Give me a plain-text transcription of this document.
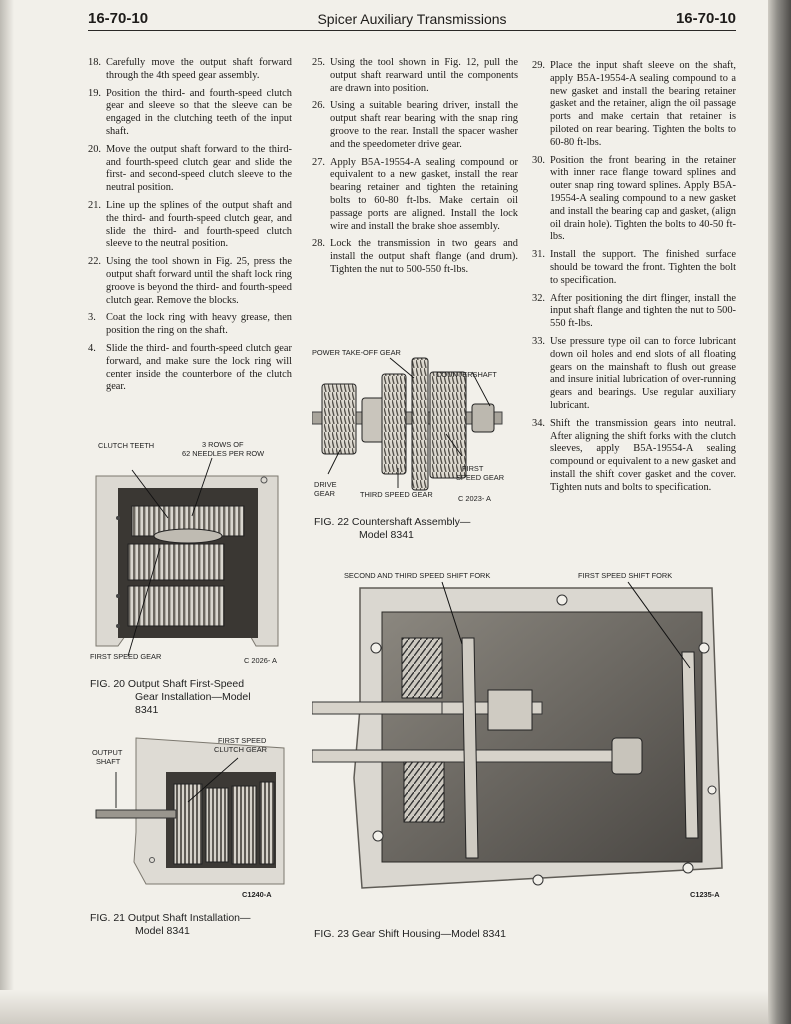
16-70-10	Spicer Auxiliary Transmissions	16-70-10
18. Carefully move the output shaft forward through the 4th speed gear assembly.
19. Position the third- and fourth-speed clutch gear and sleeve so that the sleeve can be engaged in the clutching teeth of the input shaft.
20. Move the output shaft forward to the third- and fourth-speed clutch gear and slide the first- and second-speed clutch sleeve to the neutral position.
21. Line up the splines of the output shaft and the third- and fourth-speed clutch gear, and slide the third- and fourth-speed clutch sleeve to the neutral position.
22. Using the tool shown in Fig. 25, press the output shaft forward until the shaft lock ring groove is beyond the third- and fourth-speed clutch gear. Remove the blocks.
3. Coat the lock ring with heavy grease, then position the ring on the shaft.
4. Slide the third- and fourth-speed clutch gear forward, and make sure the lock ring will center inside the counterbore of the clutch gear.
25. Using the tool shown in Fig. 12, pull the output shaft rearward until the components are drawn into position.
26. Using a suitable bearing driver, install the output shaft rear bearing with the snap ring groove to the rear. Install the spacer washer and the speedometer drive gear.
27. Apply B5A-19554-A sealing compound or equivalent to a new gasket, install the rear bearing retainer and tighten the retaining bolts to 60-80 ft-lbs. Make certain oil passage ports are aligned. Install the lock wire and install the brake shoe assembly.
28. Lock the transmission in two gears and install the output shaft flange (and drum). Tighten the nut to 500-550 ft-lbs.
29. Place the input shaft sleeve on the shaft, apply B5A-19554-A sealing compound to a new gasket and install the bearing retainer gasket and the retainer, align the oil passage ports and make certain that retainer is piloted on rear bearing. Tighten the bolts to 60-80 ft-lbs.
30. Position the front bearing in the retainer with inner race flange toward splines and outer snap ring toward splines. Apply B5A-19554-A sealing compound to a new gasket and install the bearing cap and gasket, (align oil drain hole). Tighten the bolts to 40-50 ft-lbs.
31. Install the support. The finished surface should be toward the front. Tighten the bolt to specification.
32. After positioning the dirt flinger, install the input shaft flange and tighten the nut to 500-550 ft-lbs.
33. Use pressure type oil can to force lubricant down oil holes and end slots of all floating gears on the mainshaft to flush out grease and insure initial lubrication of over-running gears and bearings. Use regular auxiliary lubricant.
34. Shift the transmission gears into neutral. After aligning the shift forks with the clutch sleeves, apply B5A-19554-A sealing compound or equivalent to a new gasket and install the shift cover gasket and the cover. Tighten nuts and bolts to specification.
CLUTCH TEETH	3 ROWS OF
62 NEEDLES PER ROW
FIRST SPEED GEAR	C 2026- A
FIG. 20 Output Shaft First-Speed
Gear Installation—Model
8341
FIRST SPEED
CLUTCH GEAR
OUTPUT
SHAFT
C1240-A
FIG. 21 Output Shaft Installation—
Model 8341
POWER TAKE-OFF GEAR
COUNTERSHAFT
FIRST
SPEED GEAR
DRIVE
GEAR	THIRD SPEED GEAR	C 2023- A
FIG. 22 Countershaft Assembly—
Model 8341
SECOND AND THIRD SPEED SHIFT FORK	FIRST SPEED SHIFT FORK
C1235-A
FIG. 23 Gear Shift Housing—Model 8341
